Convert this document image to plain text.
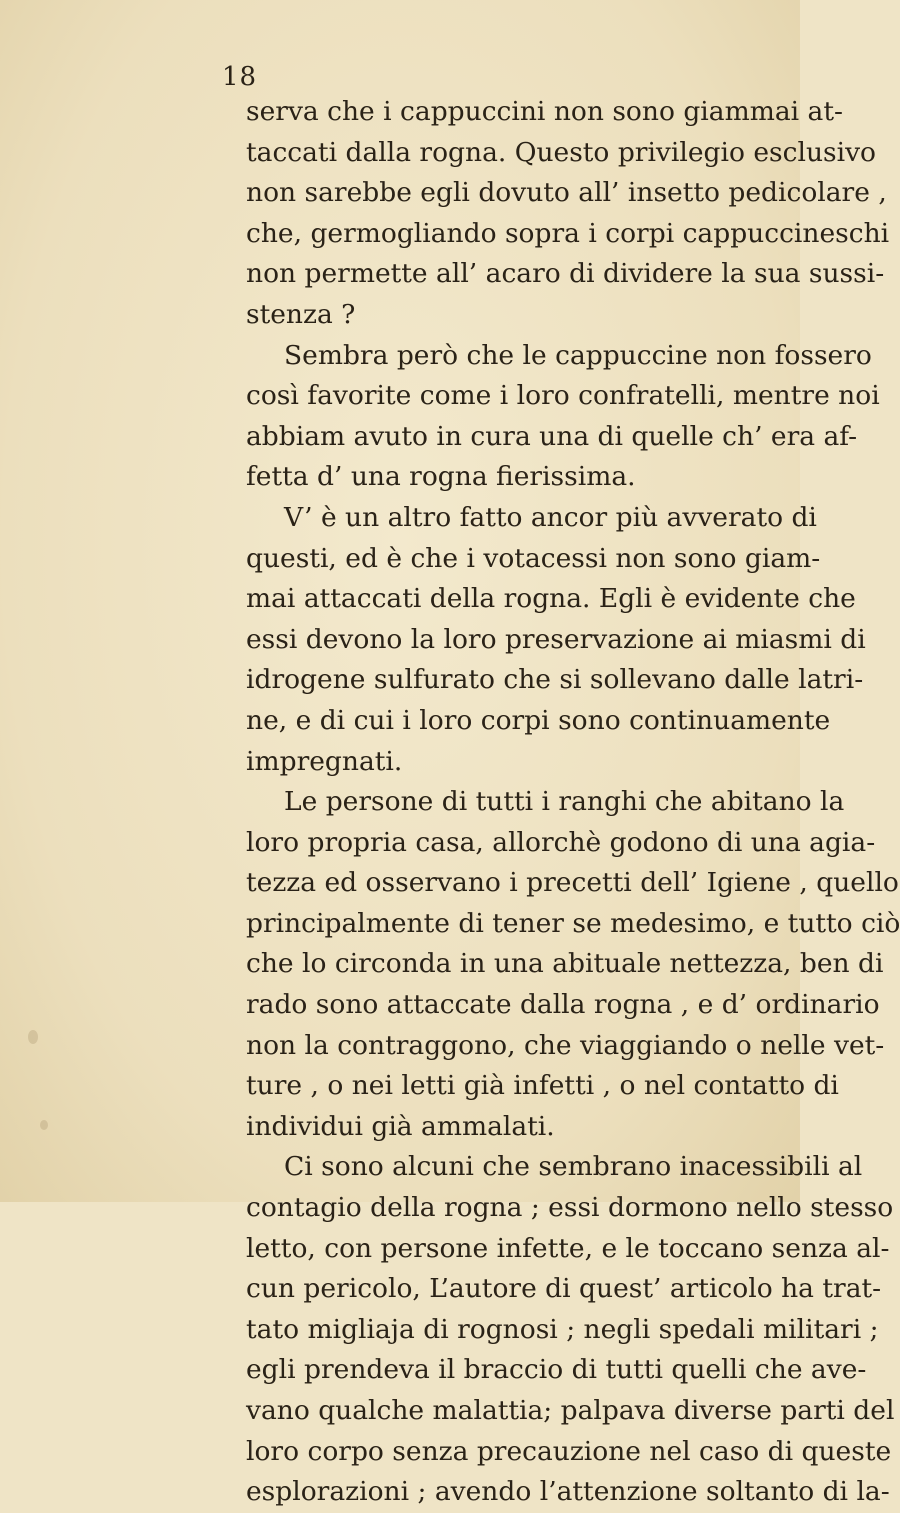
18
serva che i cappuccini non sono giammai at-
taccati dalla rogna. Questo privilegio esclusivo
non sarebbe egli dovuto all’ insetto pedicolare ,
che, germogliando sopra i corpi cappuccineschi
non permette all’ acaro di dividere la sua sussi-
stenza ?
Sembra però che le cappuccine non fossero
così favorite come i loro confratelli, mentre noi
abbiam avuto in cura una di quelle ch’ era af-
fetta d’ una rogna fierissima.
V’ è un altro fatto ancor più avverato di
questi, ed è che i votacessi non sono giam-
mai attaccati della rogna. Egli è evidente che
essi devono la loro preservazione ai miasmi di
idrogene sulfurato che si sollevano dalle latri-
ne, e di cui i loro corpi sono continuamente
impregnati.
Le persone di tutti i ranghi che abitano la
loro propria casa, allorchè godono di una agia-
tezza ed osservano i precetti dell’ Igiene , quello
principalmente di tener se medesimo, e tutto ciò
che lo circonda in una abituale nettezza, ben di
rado sono attaccate dalla rogna , e d’ ordinario
non la contraggono, che viaggiando o nelle vet-
ture , o nei letti già infetti , o nel contatto di
individui già ammalati.
Ci sono alcuni che sembrano inacessibili al
contagio della rogna ; essi dormono nello stesso
letto, con persone infette, e le toccano senza al-
cun pericolo, L’autore di quest’ articolo ha trat-
tato migliaja di rognosi ; negli spedali militari ;
egli prendeva il braccio di tutti quelli che ave-
vano qualche malattia; palpava diverse parti del
loro corpo senza precauzione nel caso di queste
esplorazioni ; avendo l’attenzione soltanto di la-
